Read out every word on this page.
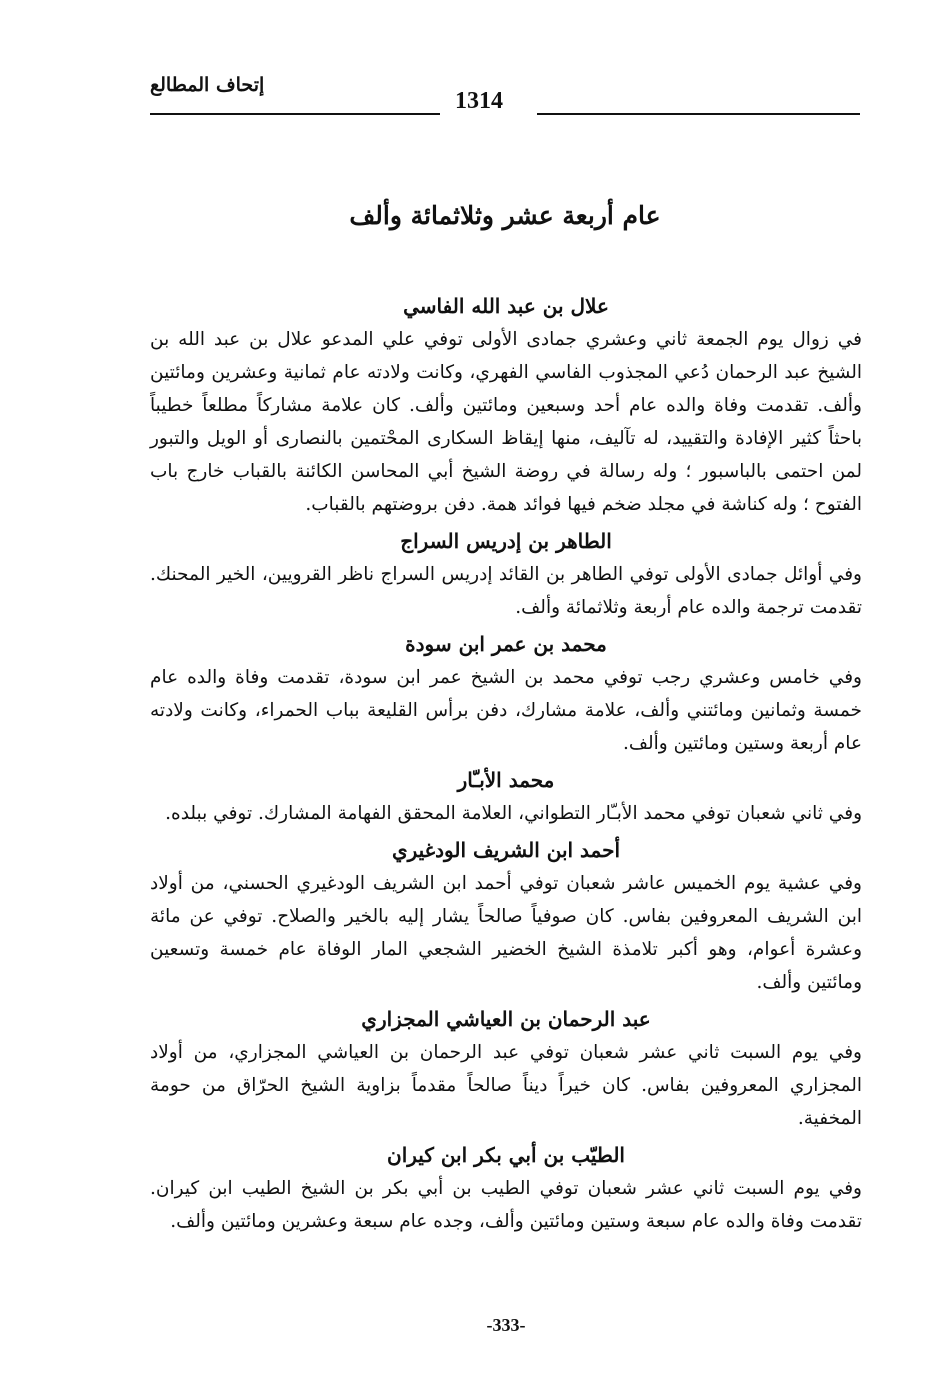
إتحاف المطالع
1314
عام أربعة عشر وثلاثمائة وألف
علال بن عبد الله الفاسي

في زوال يوم الجمعة ثاني وعشري جمادى الأولى توفي علي المدعو علال بن عبد الله بن الشيخ عبد الرحمان دُعي المجذوب الفاسي الفهري، وكانت ولادته عام ثمانية وعشرين ومائتين وألف. تقدمت وفاة والده عام أحد وسبعين ومائتين وألف. كان علامة مشاركاً مطلعاً خطيباً باحثاً كثير الإفادة والتقييد، له تآليف، منها إيقاظ السكارى المحْتمين بالنصارى أو الويل والتبور لمن احتمى بالباسبور ؛ وله رسالة في روضة الشيخ أبي المحاسن الكائنة بالقباب خارج باب الفتوح ؛ وله كناشة في مجلد ضخم فيها فوائد همة. دفن بروضتهم بالقباب.

الطاهر بن إدريس السراج

وفي أوائل جمادى الأولى توفي الطاهر بن القائد إدريس السراج ناظر القرويين، الخير المحنك. تقدمت ترجمة والده عام أربعة وثلاثمائة وألف.

محمد بن عمر ابن سودة

وفي خامس وعشري رجب توفي محمد بن الشيخ عمر ابن سودة، تقدمت وفاة والده عام خمسة وثمانين ومائتني وألف، علامة مشارك، دفن برأس القليعة بباب الحمراء، وكانت ولادته عام أربعة وستين ومائتين وألف.

محمد الأبـّار

وفي ثاني شعبان توفي محمد الأبـّار التطواني، العلامة المحقق الفهامة المشارك. توفي ببلده.

أحمد ابن الشريف الودغيري

وفي عشية يوم الخميس عاشر شعبان توفي أحمد ابن الشريف الودغيري الحسني، من أولاد ابن الشريف المعروفين بفاس. كان صوفياً صالحاً يشار إليه بالخير والصلاح. توفي عن مائة وعشرة أعوام، وهو أكبر تلامذة الشيخ الخضير الشجعي المار الوفاة عام خمسة وتسعين ومائتين وألف.

عبد الرحمان بن العياشي المجزاري

وفي يوم السبت ثاني عشر شعبان توفي عبد الرحمان بن العياشي المجزاري، من أولاد المجزاري المعروفين بفاس. كان خيراً ديناً صالحاً مقدماً بزاوية الشيخ الحرّاق من حومة المخفية.

الطيّب بن أبي بكر ابن كيران

وفي يوم السبت ثاني عشر شعبان توفي الطيب بن أبي بكر بن الشيخ الطيب ابن كيران. تقدمت وفاة والده عام سبعة وستين ومائتين وألف، وجده عام سبعة وعشرين ومائتين وألف.

-333-
